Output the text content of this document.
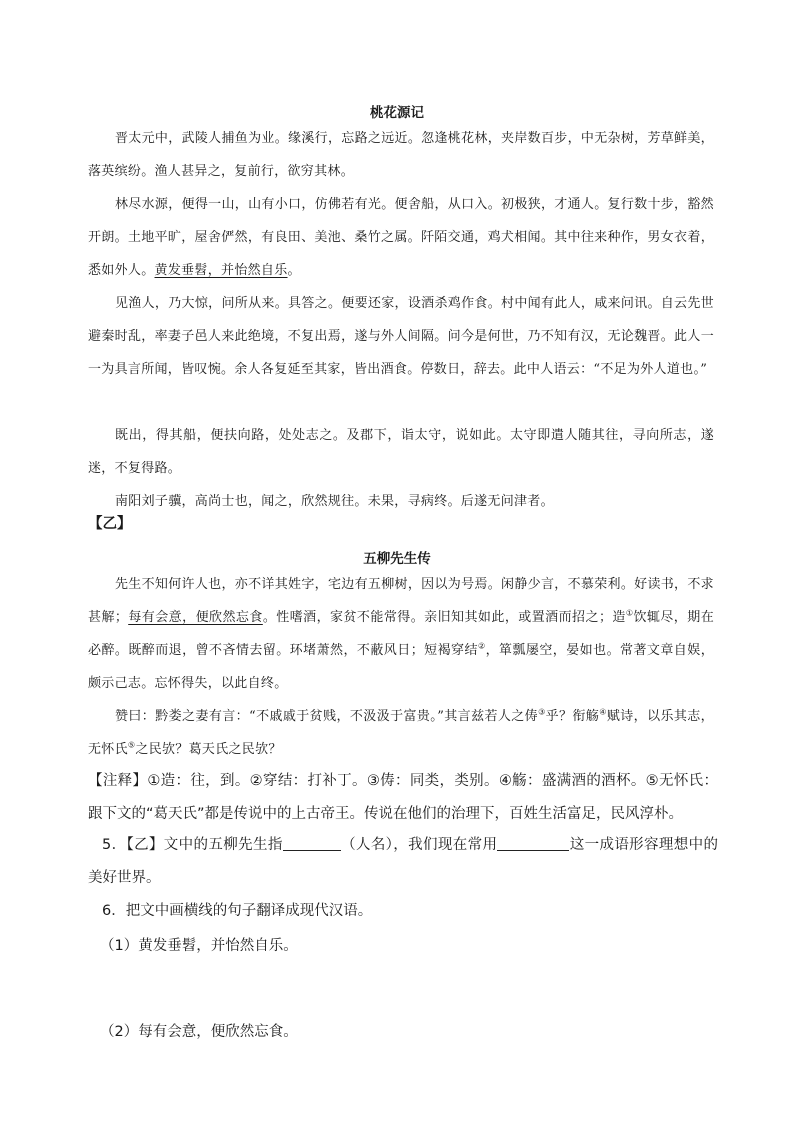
桃花源记

晋太元中，武陵人捕鱼为业。缘溪行，忘路之远近。忽逢桃花林，夹岸数百步，中无杂树，芳草鲜美，落英缤纷。渔人甚异之，复前行，欲穷其林。

林尽水源，便得一山，山有小口，仿佛若有光。便舍船，从口入。初极狭，才通人。复行数十步，豁然开朗。土地平旷，屋舍俨然，有良田、美池、桑竹之属。阡陌交通，鸡犬相闻。其中往来种作，男女衣着，悉如外人。黄发垂髫，并怡然自乐。

见渔人，乃大惊，问所从来。具答之。便要还家，设酒杀鸡作食。村中闻有此人，咸来问讯。自云先世避秦时乱，率妻子邑人来此绝境，不复出焉，遂与外人间隔。问今是何世，乃不知有汉，无论魏晋。此人一一为具言所闻，皆叹惋。余人各复延至其家，皆出酒食。停数日，辞去。此中人语云：“不足为外人道也。”

既出，得其船，便扶向路，处处志之。及郡下，诣太守，说如此。太守即遣人随其往，寻向所志，遂迷，不复得路。

南阳刘子骥，高尚士也，闻之，欣然规往。未果，寻病终。后遂无问津者。

【乙】
五柳先生传

先生不知何许人也，亦不详其姓字，宅边有五柳树，因以为号焉。闲静少言，不慕荣利。好读书，不求甚解；每有会意，便欣然忘食。性嗜酒，家贫不能常得。亲旧知其如此，或置酒而招之；造①饮辄尽，期在必醉。既醉而退，曾不吝情去留。环堵萧然，不蔽风日；短褐穿结②，箪瓢屡空，晏如也。常著文章自娱，颇示己志。忘怀得失，以此自终。

赞曰：黔娄之妻有言：“不戚戚于贫贱，不汲汲于富贵。”其言兹若人之俦③乎？衔觞④赋诗，以乐其志，无怀氏⑤之民欤？葛天氏之民欤？

【注释】①造：往，到。②穿结：打补丁。③俦：同类，类别。④觞：盛满酒的酒杯。⑤无怀氏：跟下文的“葛天氏”都是传说中的上古帝王。传说在他们的治理下，百姓生活富足，民风淳朴。

5．【乙】文中的五柳先生指	（人名），我们现在常用	这一成语形容理想中的美好世界。

6．把文中画横线的句子翻译成现代汉语。
（1）黄发垂髫，并怡然自乐。
（2）每有会意，便欣然忘食。
